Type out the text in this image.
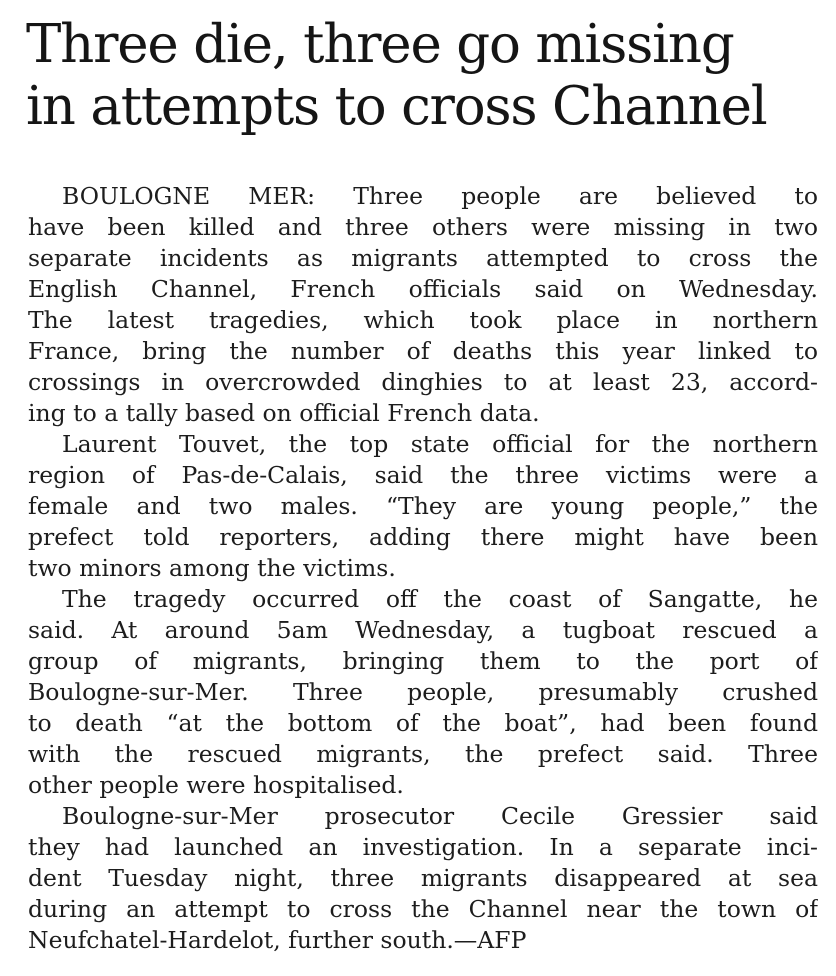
Three die, three go missing
in attempts to cross Channel
BOULOGNE MER: Three people are believed to
have been killed and three others were missing in two
separate incidents as migrants attempted to cross the
English Channel, French officials said on Wednesday.
The latest tragedies, which took place in northern
France, bring the number of deaths this year linked to
crossings in overcrowded dinghies to at least 23, accord-
ing to a tally based on official French data.
Laurent Touvet, the top state official for the northern
region of Pas-de-Calais, said the three victims were a
female and two males. “They are young people,” the
prefect told reporters, adding there might have been
two minors among the victims.
The tragedy occurred off the coast of Sangatte, he
said. At around 5am Wednesday, a tugboat rescued a
group of migrants, bringing them to the port of
Boulogne-sur-Mer. Three people, presumably crushed
to death “at the bottom of the boat”, had been found
with the rescued migrants, the prefect said. Three
other people were hospitalised.
Boulogne-sur-Mer prosecutor Cecile Gressier said
they had launched an investigation. In a separate inci-
dent Tuesday night, three migrants disappeared at sea
during an attempt to cross the Channel near the town of
Neufchatel-Hardelot, further south.—AFP
